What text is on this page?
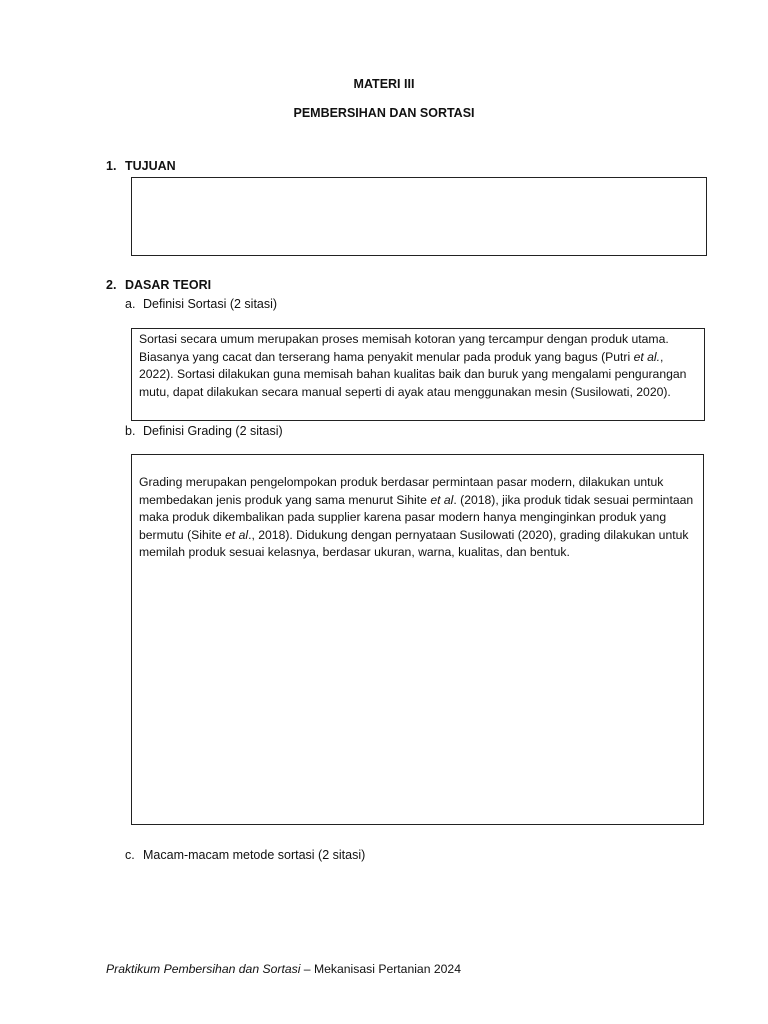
MATERI III
PEMBERSIHAN DAN SORTASI
1. TUJUAN
2. DASAR TEORI
a. Definisi Sortasi (2 sitasi)
Sortasi secara umum merupakan proses memisah kotoran yang tercampur dengan produk utama. Biasanya yang cacat dan terserang hama penyakit menular pada produk yang bagus (Putri et al., 2022). Sortasi dilakukan guna memisah bahan kualitas baik dan buruk yang mengalami pengurangan mutu, dapat dilakukan secara manual seperti di ayak atau menggunakan mesin (Susilowati, 2020).
b. Definisi Grading (2 sitasi)
Grading merupakan pengelompokan produk berdasar permintaan pasar modern, dilakukan untuk membedakan jenis produk yang sama menurut Sihite et al. (2018), jika produk tidak sesuai permintaan maka produk dikembalikan pada supplier karena pasar modern hanya menginginkan produk yang bermutu (Sihite et al., 2018). Didukung dengan pernyataan Susilowati (2020), grading dilakukan untuk memilah produk sesuai kelasnya, berdasar ukuran, warna, kualitas, dan bentuk.
c. Macam-macam metode sortasi (2 sitasi)
Praktikum Pembersihan dan Sortasi – Mekanisasi Pertanian 2024
